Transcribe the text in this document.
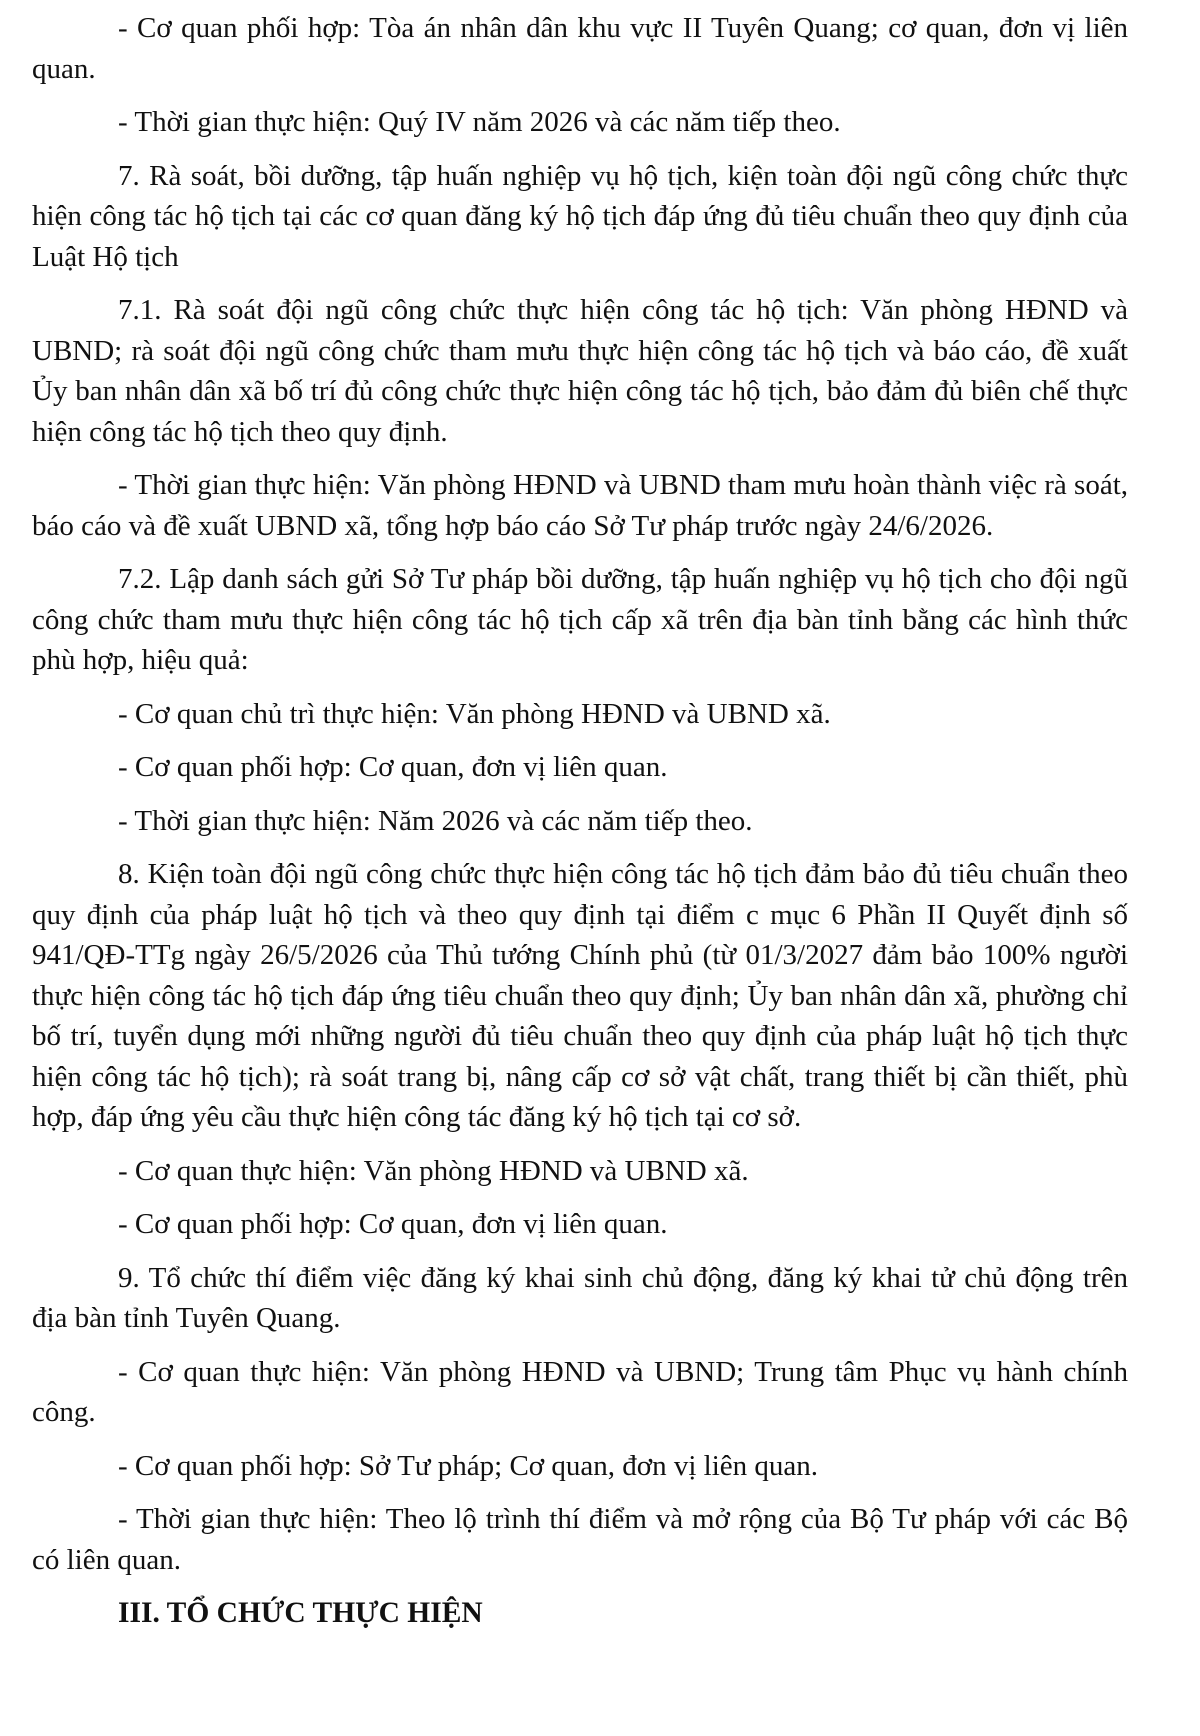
- Cơ quan phối hợp: Tòa án nhân dân khu vực II Tuyên Quang; cơ quan, đơn vị liên quan.

- Thời gian thực hiện: Quý IV năm 2026 và các năm tiếp theo.

7. Rà soát, bồi dưỡng, tập huấn nghiệp vụ hộ tịch, kiện toàn đội ngũ công chức thực hiện công tác hộ tịch tại các cơ quan đăng ký hộ tịch đáp ứng đủ tiêu chuẩn theo quy định của Luật Hộ tịch

7.1. Rà soát đội ngũ công chức thực hiện công tác hộ tịch: Văn phòng HĐND và UBND; rà soát đội ngũ công chức tham mưu thực hiện công tác hộ tịch và báo cáo, đề xuất Ủy ban nhân dân xã bố trí đủ công chức thực hiện công tác hộ tịch, bảo đảm đủ biên chế thực hiện công tác hộ tịch theo quy định.

- Thời gian thực hiện: Văn phòng HĐND và UBND tham mưu hoàn thành việc rà soát, báo cáo và đề xuất UBND xã, tổng hợp báo cáo Sở Tư pháp trước ngày 24/6/2026.

7.2. Lập danh sách gửi Sở Tư pháp bồi dưỡng, tập huấn nghiệp vụ hộ tịch cho đội ngũ công chức tham mưu thực hiện công tác hộ tịch cấp xã trên địa bàn tỉnh bằng các hình thức phù hợp, hiệu quả:

- Cơ quan chủ trì thực hiện: Văn phòng HĐND và UBND xã.

- Cơ quan phối hợp: Cơ quan, đơn vị liên quan.

- Thời gian thực hiện: Năm 2026 và các năm tiếp theo.

8. Kiện toàn đội ngũ công chức thực hiện công tác hộ tịch đảm bảo đủ tiêu chuẩn theo quy định của pháp luật hộ tịch và theo quy định tại điểm c mục 6 Phần II Quyết định số 941/QĐ-TTg ngày 26/5/2026 của Thủ tướng Chính phủ (từ 01/3/2027 đảm bảo 100% người thực hiện công tác hộ tịch đáp ứng tiêu chuẩn theo quy định; Ủy ban nhân dân xã, phường chỉ bố trí, tuyển dụng mới những người đủ tiêu chuẩn theo quy định của pháp luật hộ tịch thực hiện công tác hộ tịch); rà soát trang bị, nâng cấp cơ sở vật chất, trang thiết bị cần thiết, phù hợp, đáp ứng yêu cầu thực hiện công tác đăng ký hộ tịch tại cơ sở.

- Cơ quan thực hiện: Văn phòng HĐND và UBND xã.

- Cơ quan phối hợp: Cơ quan, đơn vị liên quan.

9. Tổ chức thí điểm việc đăng ký khai sinh chủ động, đăng ký khai tử chủ động trên địa bàn tỉnh Tuyên Quang.

- Cơ quan thực hiện: Văn phòng HĐND và UBND; Trung tâm Phục vụ hành chính công.

- Cơ quan phối hợp: Sở Tư pháp; Cơ quan, đơn vị liên quan.

- Thời gian thực hiện: Theo lộ trình thí điểm và mở rộng của Bộ Tư pháp với các Bộ có liên quan.

III. TỔ CHỨC THỰC HIỆN
